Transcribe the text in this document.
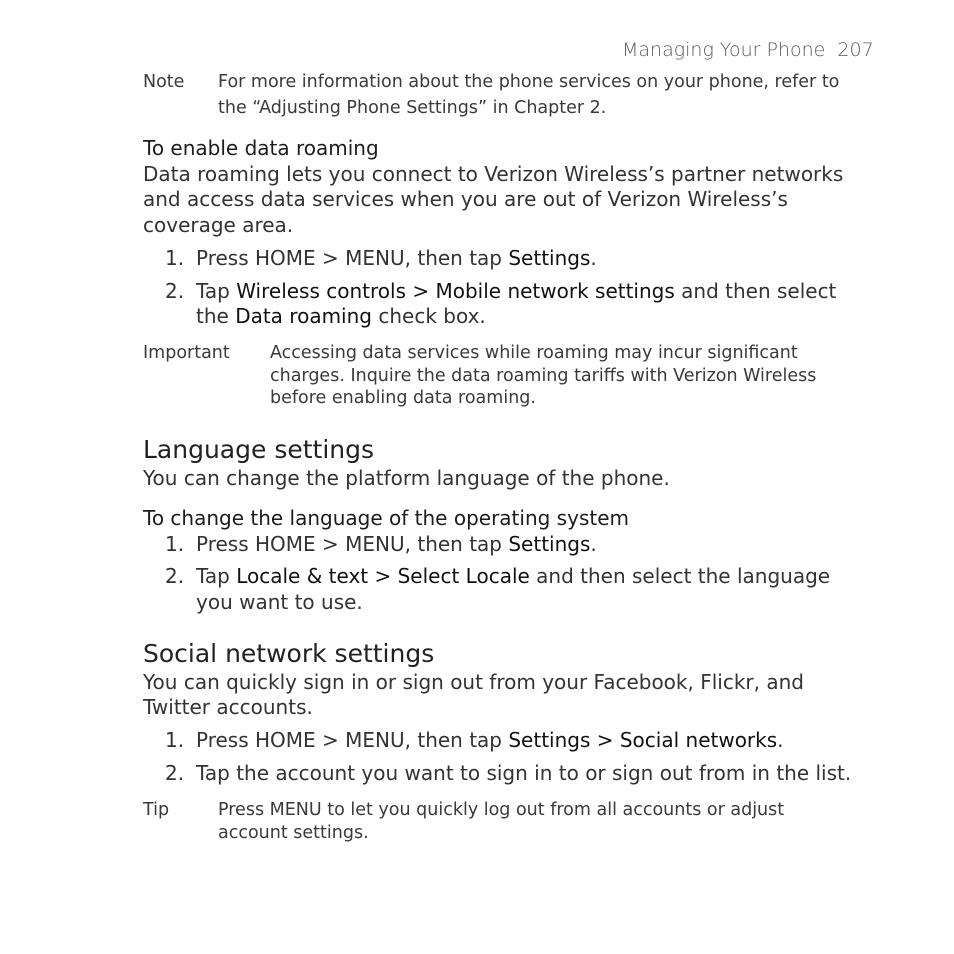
Managing Your Phone 207
Note For more information about the phone services on your phone, refer to
the “Adjusting Phone Settings” in Chapter 2.
To enable data roaming
Data roaming lets you connect to Verizon Wireless’s partner networks
and access data services when you are out of Verizon Wireless’s
coverage area.
1. Press HOME > MENU, then tap Settings.
2. Tap Wireless controls > Mobile network settings and then select
the Data roaming check box.
Important Accessing data services while roaming may incur significant
charges. Inquire the data roaming tariffs with Verizon Wireless
before enabling data roaming.
Language settings
You can change the platform language of the phone.
To change the language of the operating system
1. Press HOME > MENU, then tap Settings.
2. Tap Locale & text > Select Locale and then select the language
you want to use.
Social network settings
You can quickly sign in or sign out from your Facebook, Flickr, and
Twitter accounts.
1. Press HOME > MENU, then tap Settings > Social networks.
2. Tap the account you want to sign in to or sign out from in the list.
Tip	Press MENU to let you quickly log out from all accounts or adjust
account settings.
